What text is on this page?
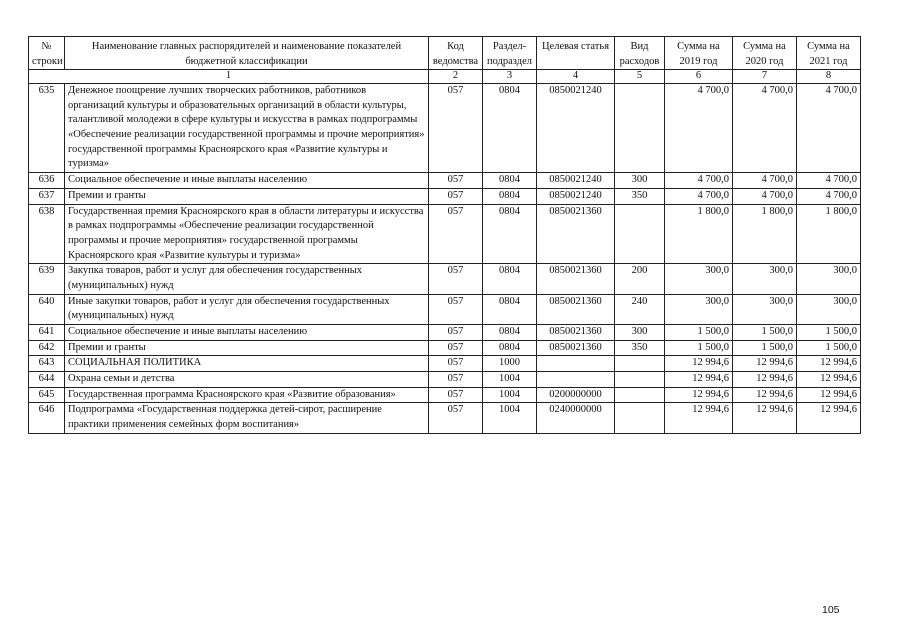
№ строки	Наименование главных распорядителей и наименование показателей бюджетной классификации	Код ведомства	Раздел-подраздел	Целевая статья	Вид расходов	Сумма на 2019 год	Сумма на 2020 год	Сумма на 2021 год
1		2	3	4	5	6	7	8
635	Денежное поощрение лучших творческих работников, работников организаций культуры и образовательных организаций в области культуры, талантливой молодежи в сфере культуры и искусства в рамках подпрограммы «Обеспечение реализации государственной программы и прочие мероприятия» государственной программы Красноярского края «Развитие культуры и туризма»	057	0804	0850021240		4 700,0	4 700,0	4 700,0
636	Социальное обеспечение и иные выплаты населению	057	0804	0850021240	300	4 700,0	4 700,0	4 700,0
637	Премии и гранты	057	0804	0850021240	350	4 700,0	4 700,0	4 700,0
638	Государственная премия Красноярского края в области литературы и искусства в рамках подпрограммы «Обеспечение реализации государственной программы и прочие мероприятия» государственной программы Красноярского края «Развитие культуры и туризма»	057	0804	0850021360		1 800,0	1 800,0	1 800,0
639	Закупка товаров, работ и услуг для обеспечения государственных (муниципальных) нужд	057	0804	0850021360	200	300,0	300,0	300,0
640	Иные закупки товаров, работ и услуг для обеспечения государственных (муниципальных) нужд	057	0804	0850021360	240	300,0	300,0	300,0
641	Социальное обеспечение и иные выплаты населению	057	0804	0850021360	300	1 500,0	1 500,0	1 500,0
642	Премии и гранты	057	0804	0850021360	350	1 500,0	1 500,0	1 500,0
643	СОЦИАЛЬНАЯ ПОЛИТИКА	057	1000			12 994,6	12 994,6	12 994,6
644	Охрана семьи и детства	057	1004			12 994,6	12 994,6	12 994,6
645	Государственная программа Красноярского края «Развитие образования»	057	1004	0200000000		12 994,6	12 994,6	12 994,6
646	Подпрограмма «Государственная поддержка детей-сирот, расширение практики применения семейных форм воспитания»	057	1004	0240000000		12 994,6	12 994,6	12 994,6
105
